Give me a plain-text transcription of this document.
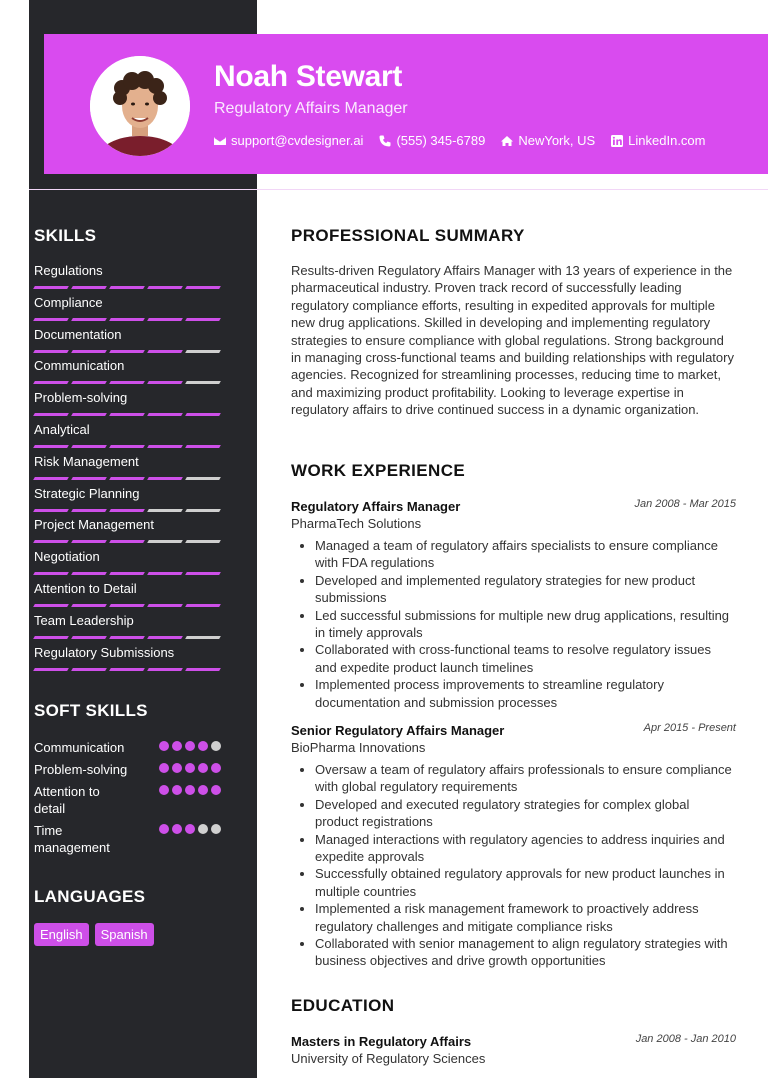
Noah Stewart
Regulatory Affairs Manager
support@cvdesigner.ai	(555) 345-6789	NewYork, US	LinkedIn.com
SKILLS
Regulations
Compliance
Documentation
Communication
Problem-solving
Analytical
Risk Management
Strategic Planning
Project Management
Negotiation
Attention to Detail
Team Leadership
Regulatory Submissions
SOFT SKILLS
Communication
Problem-solving
Attention to detail
Time management
LANGUAGES
English	Spanish
PROFESSIONAL SUMMARY
Results-driven Regulatory Affairs Manager with 13 years of experience in the pharmaceutical industry. Proven track record of successfully leading regulatory compliance efforts, resulting in expedited approvals for multiple new drug applications. Skilled in developing and implementing regulatory strategies to ensure compliance with global regulations. Strong background in managing cross-functional teams and building relationships with regulatory agencies. Recognized for streamlining processes, reducing time to market, and maximizing product profitability. Looking to leverage expertise in regulatory affairs to drive continued success in a dynamic organization.
WORK EXPERIENCE
Regulatory Affairs Manager	Jan 2008 - Mar 2015
PharmaTech Solutions
• Managed a team of regulatory affairs specialists to ensure compliance with FDA regulations
• Developed and implemented regulatory strategies for new product submissions
• Led successful submissions for multiple new drug applications, resulting in timely approvals
• Collaborated with cross-functional teams to resolve regulatory issues and expedite product launch timelines
• Implemented process improvements to streamline regulatory documentation and submission processes
Senior Regulatory Affairs Manager	Apr 2015 - Present
BioPharma Innovations
• Oversaw a team of regulatory affairs professionals to ensure compliance with global regulatory requirements
• Developed and executed regulatory strategies for complex global product registrations
• Managed interactions with regulatory agencies to address inquiries and expedite approvals
• Successfully obtained regulatory approvals for new product launches in multiple countries
• Implemented a risk management framework to proactively address regulatory challenges and mitigate compliance risks
• Collaborated with senior management to align regulatory strategies with business objectives and drive growth opportunities
EDUCATION
Masters in Regulatory Affairs	Jan 2008 - Jan 2010
University of Regulatory Sciences
